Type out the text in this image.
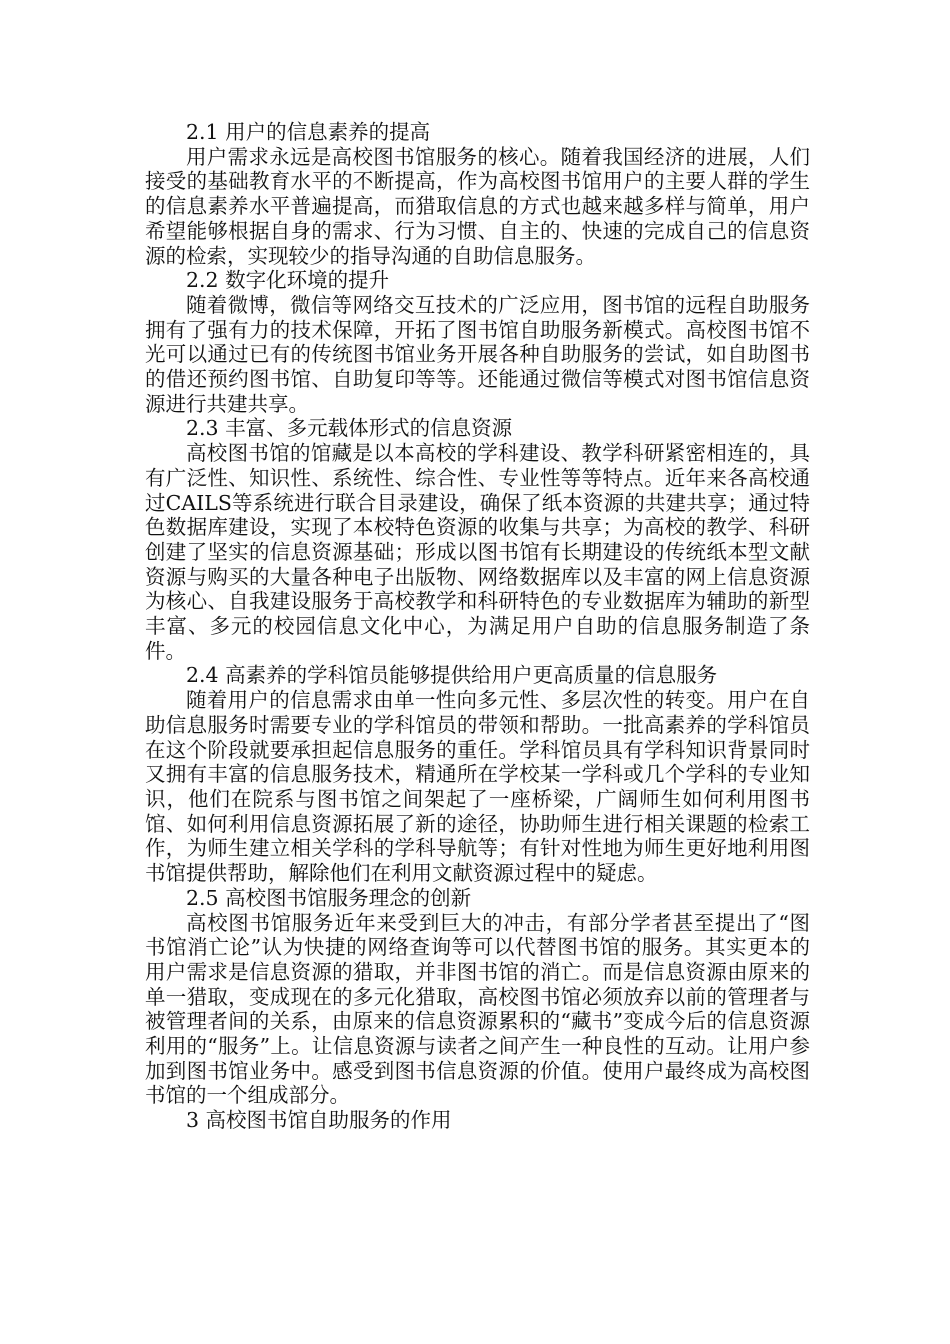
2.1 用户的信息素养的提高

用户需求永远是高校图书馆服务的核心。随着我国经济的进展，人们接受的基础教育水平的不断提高，作为高校图书馆用户的主要人群的学生的信息素养水平普遍提高，而猎取信息的方式也越来越多样与简单，用户希望能够根据自身的需求、行为习惯、自主的、快速的完成自己的信息资源的检索，实现较少的指导沟通的自助信息服务。

2.2 数字化环境的提升

随着微博，微信等网络交互技术的广泛应用，图书馆的远程自助服务拥有了强有力的技术保障，开拓了图书馆自助服务新模式。高校图书馆不光可以通过已有的传统图书馆业务开展各种自助服务的尝试，如自助图书的借还预约图书馆、自助复印等等。还能通过微信等模式对图书馆信息资源进行共建共享。

2.3 丰富、多元载体形式的信息资源

高校图书馆的馆藏是以本高校的学科建设、教学科研紧密相连的，具有广泛性、知识性、系统性、综合性、专业性等等特点。近年来各高校通过CAILS等系统进行联合目录建设，确保了纸本资源的共建共享；通过特色数据库建设，实现了本校特色资源的收集与共享；为高校的教学、科研创建了坚实的信息资源基础；形成以图书馆有长期建设的传统纸本型文献资源与购买的大量各种电子出版物、网络数据库以及丰富的网上信息资源为核心、自我建设服务于高校教学和科研特色的专业数据库为辅助的新型丰富、多元的校园信息文化中心，为满足用户自助的信息服务制造了条件。

2.4 高素养的学科馆员能够提供给用户更高质量的信息服务

随着用户的信息需求由单一性向多元性、多层次性的转变。用户在自助信息服务时需要专业的学科馆员的带领和帮助。一批高素养的学科馆员在这个阶段就要承担起信息服务的重任。学科馆员具有学科知识背景同时又拥有丰富的信息服务技术，精通所在学校某一学科或几个学科的专业知识，他们在院系与图书馆之间架起了一座桥梁，广阔师生如何利用图书馆、如何利用信息资源拓展了新的途径，协助师生进行相关课题的检索工作，为师生建立相关学科的学科导航等；有针对性地为师生更好地利用图书馆提供帮助，解除他们在利用文献资源过程中的疑虑。

2.5 高校图书馆服务理念的创新

高校图书馆服务近年来受到巨大的冲击，有部分学者甚至提出了“图书馆消亡论”认为快捷的网络查询等可以代替图书馆的服务。其实更本的用户需求是信息资源的猎取，并非图书馆的消亡。而是信息资源由原来的单一猎取，变成现在的多元化猎取，高校图书馆必须放弃以前的管理者与被管理者间的关系，由原来的信息资源累积的“藏书”变成今后的信息资源利用的“服务”上。让信息资源与读者之间产生一种良性的互动。让用户参加到图书馆业务中。感受到图书信息资源的价值。使用户最终成为高校图书馆的一个组成部分。

3 高校图书馆自助服务的作用
